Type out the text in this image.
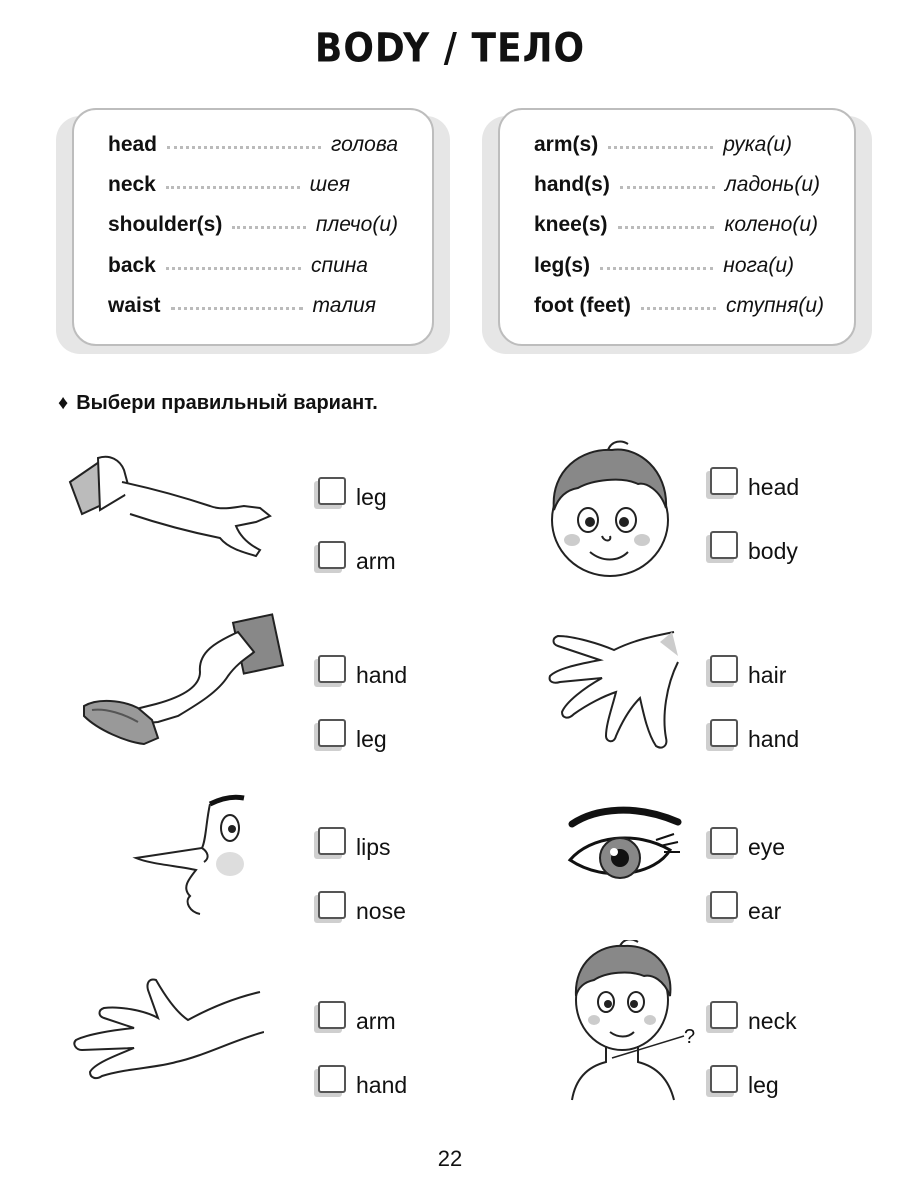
BODY / ТЕЛО
head	голова
neck	шея
shoulder(s)	плечо(и)
back	спина
waist	талия
arm(s)	рука(и)
hand(s)	ладонь(и)
knee(s)	колено(и)
leg(s)	нога(и)
foot (feet)	ступня(и)
♦ Выбери правильный вариант.
?
leg
arm
hand
leg
lips
nose
arm
hand
head
body
hair
hand
eye
ear
neck
leg
22
